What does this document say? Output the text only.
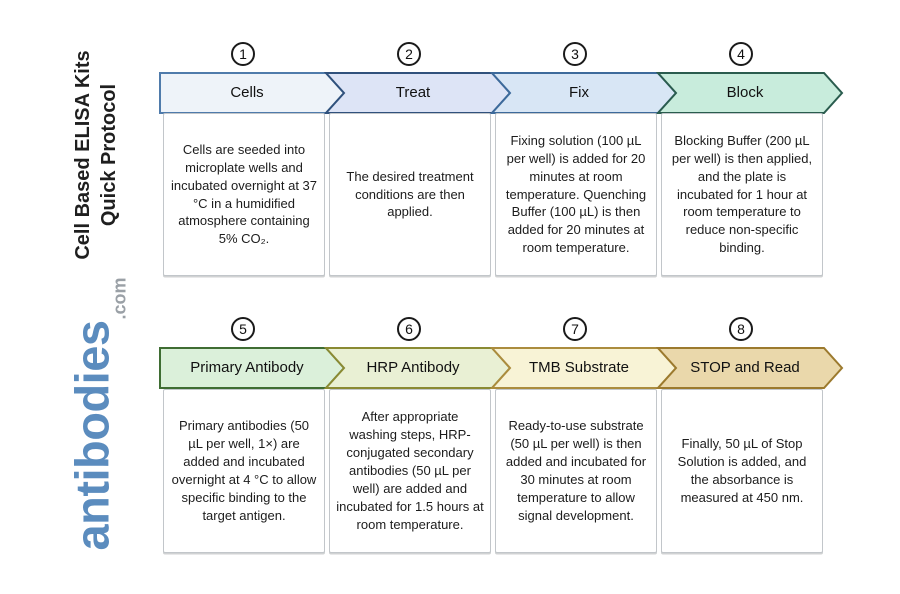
Cell Based ELISA Kits Quick Protocol
antibodies
.com
1	2	3	4
Cells	Treat	Fix	Block
Cells are seeded into microplate wells and incubated overnight at 37 °C in a humidified atmosphere containing 5% CO₂.
The desired treatment conditions are then applied.
Fixing solution (100 µL per well) is added for 20 minutes at room temperature. Quenching Buffer (100 µL) is then added for 20 minutes at room temperature.
Blocking Buffer (200 µL per well) is then applied, and the plate is incubated for 1 hour at room temperature to reduce non-specific binding.
5	6	7	8
Primary Antibody	HRP Antibody	TMB Substrate	STOP and Read
Primary antibodies (50 µL per well, 1×) are added and incubated overnight at 4 °C to allow specific binding to the target antigen.
After appropriate washing steps, HRP-conjugated secondary antibodies (50 µL per well) are added and incubated for 1.5 hours at room temperature.
Ready-to-use substrate (50 µL per well) is then added and incubated for 30 minutes at room temperature to allow signal development.
Finally, 50 µL of Stop Solution is added, and the absorbance is measured at 450 nm.
